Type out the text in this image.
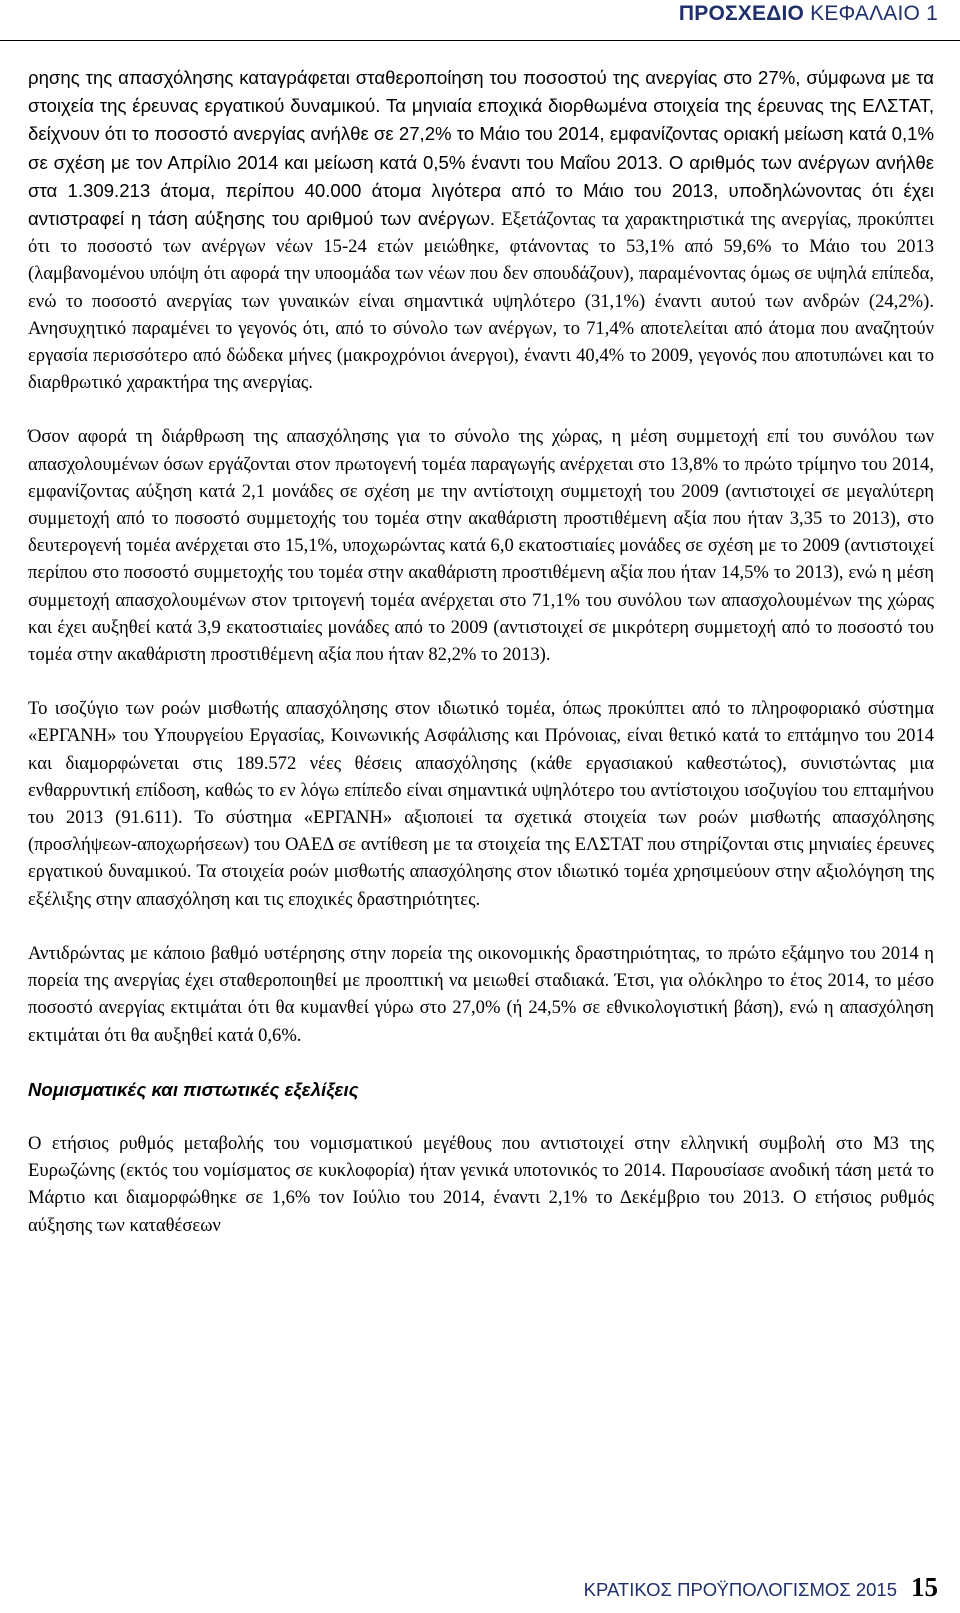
ΠΡΟΣΧΕΔΙΟ ΚΕΦΑΛΑΙΟ 1

ρησης της απασχόλησης καταγράφεται σταθεροποίηση του ποσοστού της ανεργίας στο 27%, σύμφωνα με τα στοιχεία της έρευνας εργατικού δυναμικού. Τα μηνιαία εποχικά διορθωμένα στοιχεία της έρευνας της ΕΛΣΤΑΤ, δείχνουν ότι το ποσοστό ανεργίας ανήλθε σε 27,2% το Μάιο του 2014, εμφανίζοντας οριακή μείωση κατά 0,1% σε σχέση με τον Απρίλιο 2014 και μείωση κατά 0,5% έναντι του Μαΐου 2013. Ο αριθμός των ανέργων ανήλθε στα 1.309.213 άτομα, περίπου 40.000 άτομα λιγότερα από το Μάιο του 2013, υποδηλώνοντας ότι έχει αντιστραφεί η τάση αύξησης του αριθμού των ανέργων. Εξετάζοντας τα χαρακτηριστικά της ανεργίας, προκύπτει ότι το ποσοστό των ανέργων νέων 15-24 ετών μειώθηκε, φτάνοντας το 53,1% από 59,6% το Μάιο του 2013 (λαμβανομένου υπόψη ότι αφορά την υποομάδα των νέων που δεν σπουδάζουν), παραμένοντας όμως σε υψηλά επίπεδα, ενώ το ποσοστό ανεργίας των γυναικών είναι σημαντικά υψηλότερο (31,1%) έναντι αυτού των ανδρών (24,2%). Ανησυχητικό παραμένει το γεγονός ότι, από το σύνολο των ανέργων, το 71,4% αποτελείται από άτομα που αναζητούν εργασία περισσότερο από δώδεκα μήνες (μακροχρόνιοι άνεργοι), έναντι 40,4% το 2009, γεγονός που αποτυπώνει και το διαρθρωτικό χαρακτήρα της ανεργίας.

Όσον αφορά τη διάρθρωση της απασχόλησης για το σύνολο της χώρας, η μέση συμμετοχή επί του συνόλου των απασχολουμένων όσων εργάζονται στον πρωτογενή τομέα παραγωγής ανέρχεται στο 13,8% το πρώτο τρίμηνο του 2014, εμφανίζοντας αύξηση κατά 2,1 μονάδες σε σχέση με την αντίστοιχη συμμετοχή του 2009 (αντιστοιχεί σε μεγαλύτερη συμμετοχή από το ποσοστό συμμετοχής του τομέα στην ακαθάριστη προστιθέμενη αξία που ήταν 3,35 το 2013), στο δευτερογενή τομέα ανέρχεται στο 15,1%, υποχωρώντας κατά 6,0 εκατοστιαίες μονάδες σε σχέση με το 2009 (αντιστοιχεί περίπου στο ποσοστό συμμετοχής του τομέα στην ακαθάριστη προστιθέμενη αξία που ήταν 14,5% το 2013), ενώ η μέση συμμετοχή απασχολουμένων στον τριτογενή τομέα ανέρχεται στο 71,1% του συνόλου των απασχολουμένων της χώρας και έχει αυξηθεί κατά 3,9 εκατοστιαίες μονάδες από το 2009 (αντιστοιχεί σε μικρότερη συμμετοχή από το ποσοστό του τομέα στην ακαθάριστη προστιθέμενη αξία που ήταν 82,2% το 2013).

Το ισοζύγιο των ροών μισθωτής απασχόλησης στον ιδιωτικό τομέα, όπως προκύπτει από το πληροφοριακό σύστημα «ΕΡΓΑΝΗ» του Υπουργείου Εργασίας, Κοινωνικής Ασφάλισης και Πρόνοιας, είναι θετικό κατά το επτάμηνο του 2014 και διαμορφώνεται στις 189.572 νέες θέσεις απασχόλησης (κάθε εργασιακού καθεστώτος), συνιστώντας μια ενθαρρυντική επίδοση, καθώς το εν λόγω επίπεδο είναι σημαντικά υψηλότερο του αντίστοιχου ισοζυγίου του επταμήνου του 2013 (91.611). Το σύστημα «ΕΡΓΑΝΗ» αξιοποιεί τα σχετικά στοιχεία των ροών μισθωτής απασχόλησης (προσλήψεων-αποχωρήσεων) του ΟΑΕΔ σε αντίθεση με τα στοιχεία της ΕΛΣΤΑΤ που στηρίζονται στις μηνιαίες έρευνες εργατικού δυναμικού. Τα στοιχεία ροών μισθωτής απασχόλησης στον ιδιωτικό τομέα χρησιμεύουν στην αξιολόγηση της εξέλιξης στην απασχόληση και τις εποχικές δραστηριότητες.

Αντιδρώντας με κάποιο βαθμό υστέρησης στην πορεία της οικονομικής δραστηριότητας, το πρώτο εξάμηνο του 2014 η πορεία της ανεργίας έχει σταθεροποιηθεί με προοπτική να μειωθεί σταδιακά. Έτσι, για ολόκληρο το έτος 2014, το μέσο ποσοστό ανεργίας εκτιμάται ότι θα κυμανθεί γύρω στο 27,0% (ή 24,5% σε εθνικολογιστική βάση), ενώ η απασχόληση εκτιμάται ότι θα αυξηθεί κατά 0,6%.

Νομισματικές και πιστωτικές εξελίξεις

Ο ετήσιος ρυθμός μεταβολής του νομισματικού μεγέθους που αντιστοιχεί στην ελληνική συμβολή στο Μ3 της Ευρωζώνης (εκτός του νομίσματος σε κυκλοφορία) ήταν γενικά υποτονικός το 2014. Παρουσίασε ανοδική τάση μετά το Μάρτιο και διαμορφώθηκε σε 1,6% τον Ιούλιο του 2014, έναντι 2,1% το Δεκέμβριο του 2013. Ο ετήσιος ρυθμός αύξησης των καταθέσεων

ΚΡΑΤΙΚΟΣ ΠΡΟΫΠΟΛΟΓΙΣΜΟΣ 2015 15
